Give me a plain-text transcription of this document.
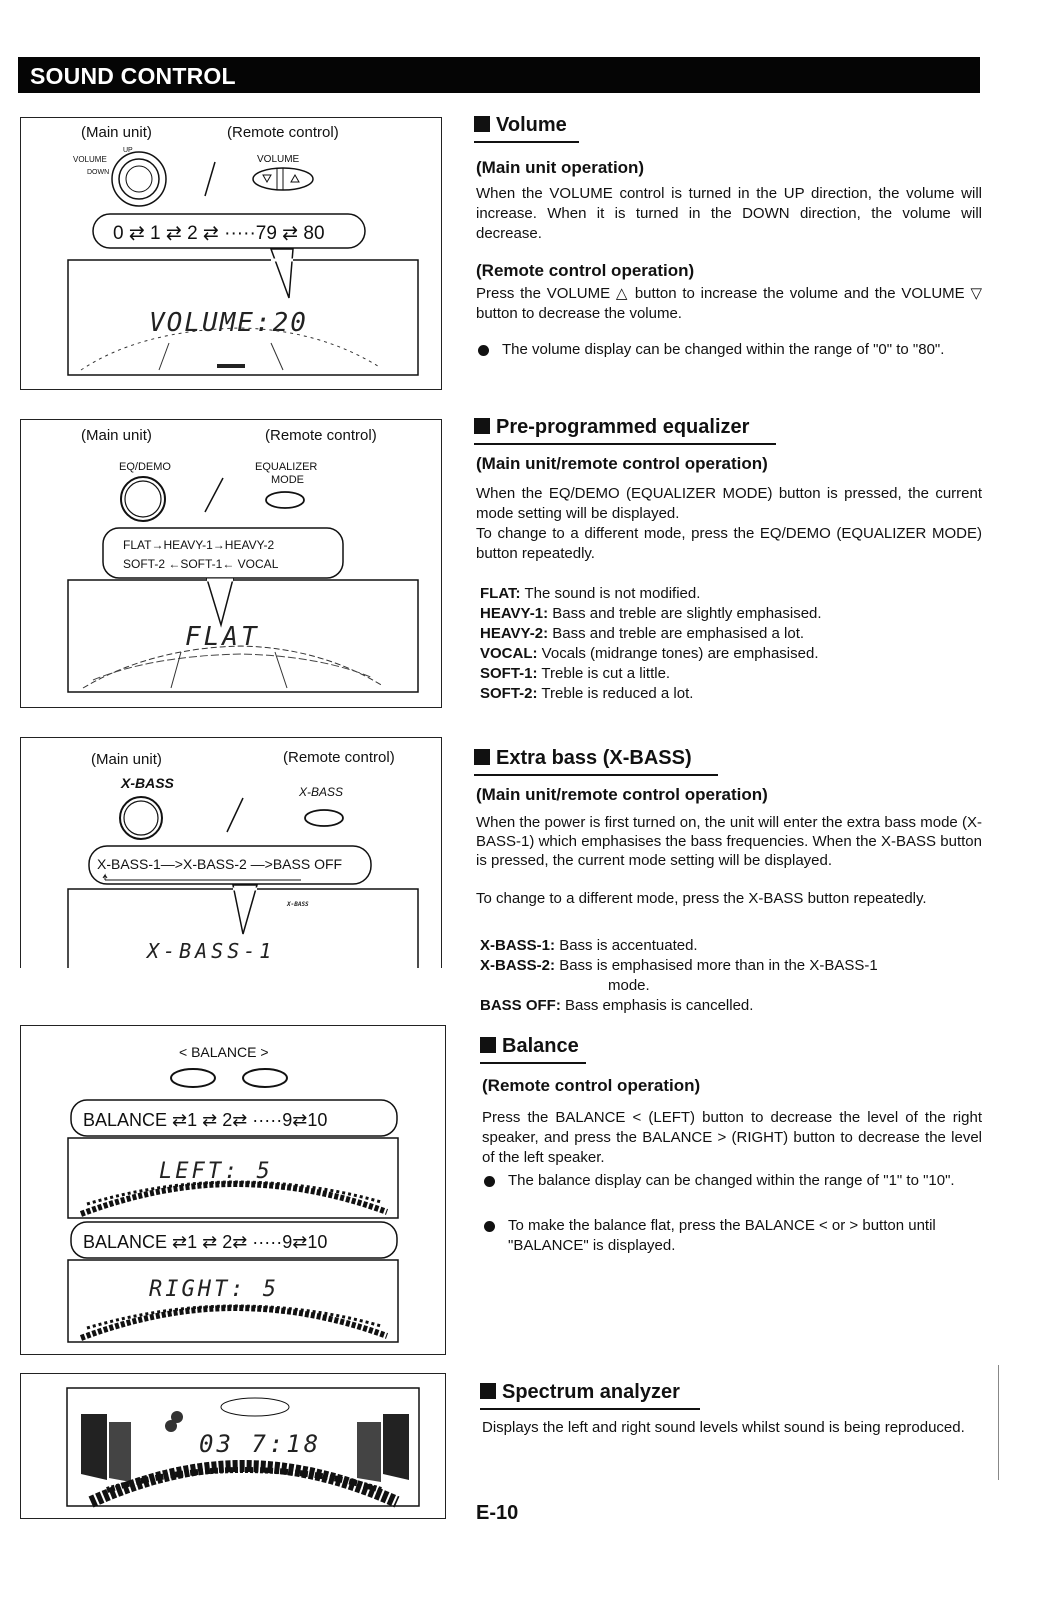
SOUND CONTROL
(Main unit)	(Remote control)
VOLUME
UP
DOWN
VOLUME
0 ⇄ 1 ⇄ 2 ⇄ ·····79 ⇄ 80
VOLUME:20
(Main unit)	(Remote control)
EQ/DEMO	EQUALIZER
MODE
FLAT→HEAVY-1→HEAVY-2
SOFT-2 ←SOFT-1← VOCAL
FLAT
(Main unit)	(Remote control)
X-BASS
X-BASS
X-BASS-1—>X-BASS-2 —>BASS OFF
X-BASS
X-BASS-1
< BALANCE >
BALANCE ⇄1 ⇄ 2⇄ ·····9⇄10
LEFT: 5
BALANCE ⇄1 ⇄ 2⇄ ·····9⇄10
RIGHT: 5
03 7:18
Volume
(Main unit operation)
When the VOLUME control is turned in the UP direction, the volume will increase. When it is turned in the DOWN direction, the volume will decrease.
(Remote control operation)
Press the VOLUME △ button to increase the volume and the VOLUME ▽ button to decrease the volume.
The volume display can be changed within the range of "0" to "80".
Pre-programmed equalizer
(Main unit/remote control operation)
When the EQ/DEMO (EQUALIZER MODE) button is pressed, the current mode setting will be displayed.
To change to a different mode, press the EQ/DEMO (EQUALIZER MODE) button repeatedly.
FLAT: The sound is not modified.
HEAVY-1: Bass and treble are slightly emphasised.
HEAVY-2: Bass and treble are emphasised a lot.
VOCAL: Vocals (midrange tones) are emphasised.
SOFT-1: Treble is cut a little.
SOFT-2: Treble is reduced a lot.
Extra bass (X-BASS)
(Main unit/remote control operation)
When the power is first turned on, the unit will enter the extra bass mode (X-BASS-1) which emphasises the bass frequencies. When the X-BASS button is pressed, the current mode setting will be displayed.
To change to a different mode, press the X-BASS button repeatedly.
X-BASS-1: Bass is accentuated.
X-BASS-2: Bass is emphasised more than in the X-BASS-1
mode.
BASS OFF: Bass emphasis is cancelled.
Balance
(Remote control operation)
Press the BALANCE < (LEFT) button to decrease the level of the right speaker, and press the BALANCE > (RIGHT) button to decrease the level of the left speaker.
The balance display can be changed within the range of "1" to "10".
To make the balance flat, press the BALANCE < or > button until "BALANCE" is displayed.
Spectrum analyzer
Displays the left and right sound levels whilst sound is being reproduced.
E-10
